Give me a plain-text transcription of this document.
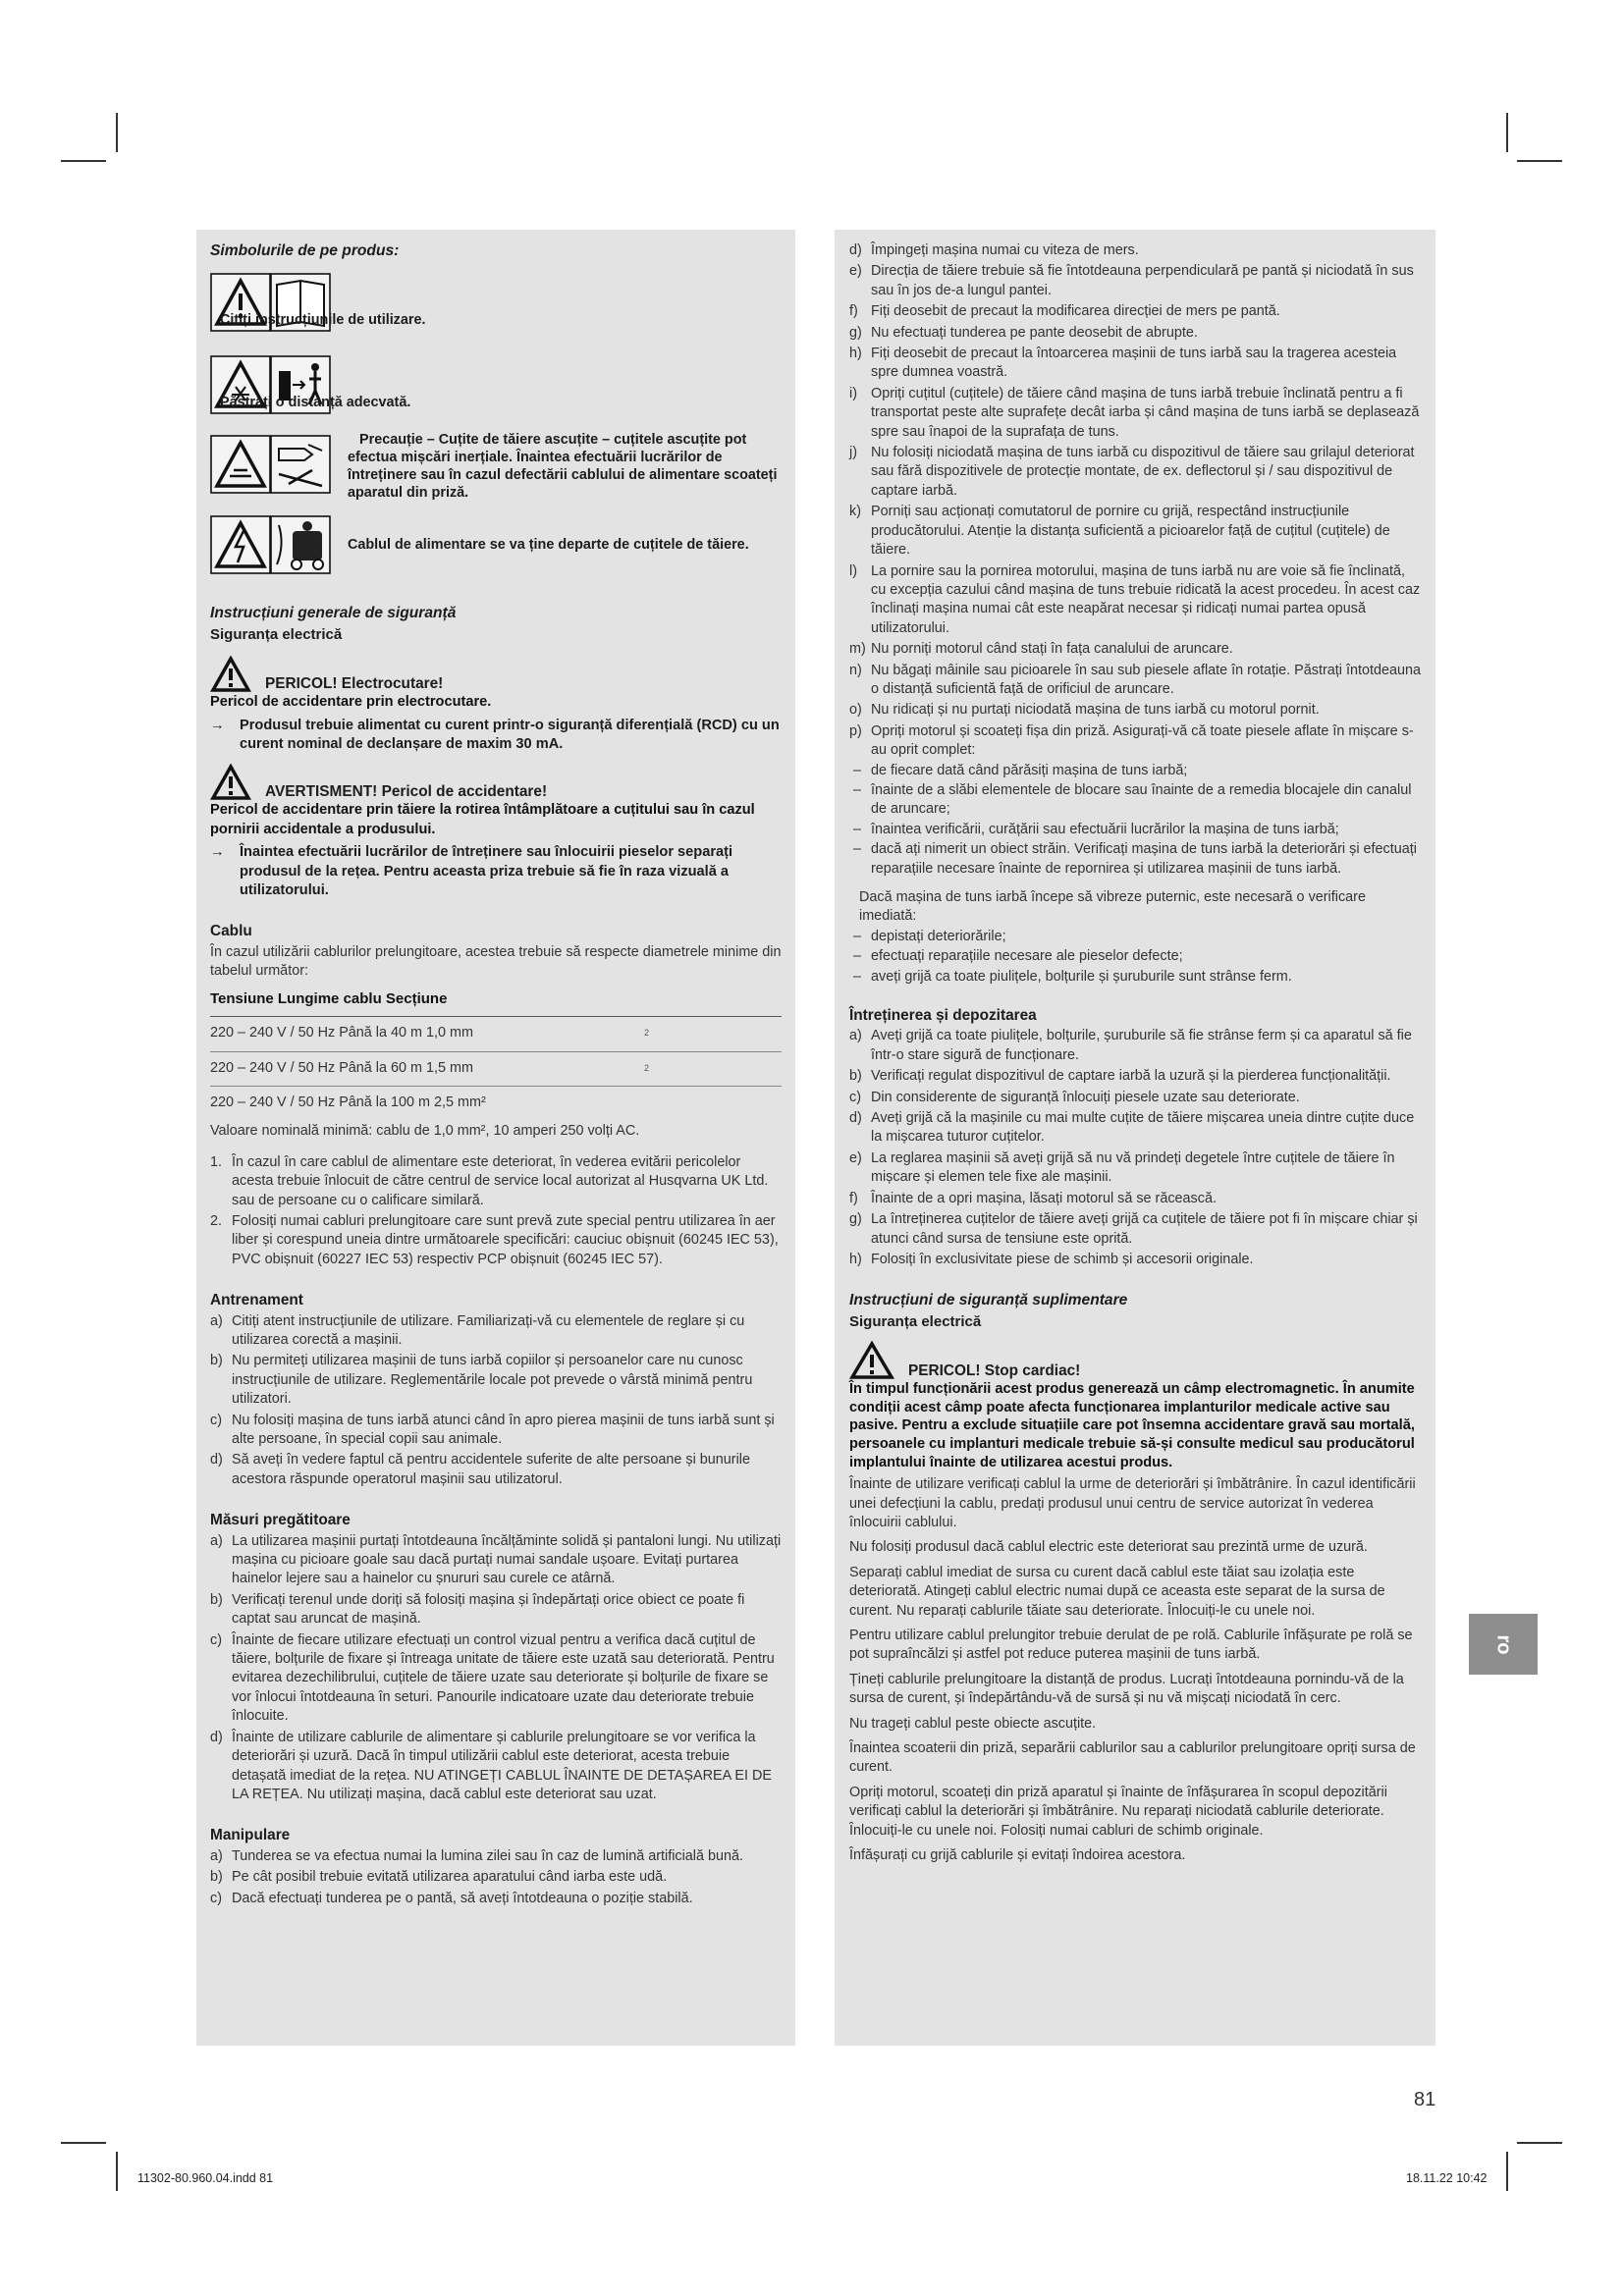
Simbolurile de pe produs:
Citiți instrucțiunile de utilizare.
Păstrați o distanță adecvată.
Precauție – Cuțite de tăiere ascuțite – cuțitele ascuțite pot efectua mișcări inerțiale. Înaintea efectuării lucrărilor de întreținere sau în cazul defectării cablului de alimentare scoateți aparatul din priză.
Cablul de alimentare se va ține departe de cuțitele de tăiere.
Instrucțiuni generale de siguranță
Siguranța electrică
PERICOL! Electrocutare!
Pericol de accidentare prin electrocutare.
→ Produsul trebuie alimentat cu curent printr-o siguranță diferențială (RCD) cu un curent nominal de declanșare de maxim 30 mA.
AVERTISMENT! Pericol de accidentare!
Pericol de accidentare prin tăiere la rotirea întâmplătoare a cuțitului sau în cazul pornirii accidentale a produsului.
→ Înaintea efectuării lucrărilor de întreținere sau înlocuirii pieselor separați produsul de la rețea. Pentru aceasta priza trebuie să fie în raza vizuală a utilizatorului.
Cablu
În cazul utilizării cablurilor prelungitoare, acestea trebuie să respecte diametrele minime din tabelul următor:
Tensiune Lungime cablu Secțiune	
220 – 240 V / 50 Hz Până la 40 m 1,0 mm	2
220 – 240 V / 50 Hz Până la 60 m 1,5 mm	2
220 – 240 V / 50 Hz Până la 100 m 2,5 mm²	
Valoare nominală minimă: cablu de 1,0 mm², 10 amperi 250 volți AC.
1. În cazul în care cablul de alimentare este deteriorat, în vederea evitării pericolelor acesta trebuie înlocuit de către centrul de service local autorizat al Husqvarna UK Ltd. sau de persoane cu o calificare similară.
2. Folosiți numai cabluri prelungitoare care sunt prevă zute special pentru utilizarea în aer liber și corespund uneia dintre următoarele specificări: cauciuc obișnuit (60245 IEC 53), PVC obișnuit (60227 IEC 53) respectiv PCP obișnuit (60245 IEC 57).
Antrenament
a) Citiți atent instrucțiunile de utilizare. Familiarizați-vă cu elementele de reglare și cu utilizarea corectă a mașinii.
b) Nu permiteți utilizarea mașinii de tuns iarbă copiilor și persoanelor care nu cunosc instrucțiunile de utilizare. Reglementările locale pot prevede o vârstă minimă pentru utilizatori.
c) Nu folosiți mașina de tuns iarbă atunci când în apro pierea mașinii de tuns iarbă sunt și alte persoane, în special copii sau animale.
d) Să aveți în vedere faptul că pentru accidentele suferite de alte persoane și bunurile acestora răspunde operatorul mașinii sau utilizatorul.
Măsuri pregătitoare
a) La utilizarea mașinii purtați întotdeauna încălțăminte solidă și pantaloni lungi. Nu utilizați mașina cu picioare goale sau dacă purtați numai sandale ușoare. Evitați purtarea hainelor lejere sau a hainelor cu șnururi sau curele ce atârnă.
b) Verificați terenul unde doriți să folosiți mașina și îndepărtați orice obiect ce poate fi captat sau aruncat de mașină.
c) Înainte de fiecare utilizare efectuați un control vizual pentru a verifica dacă cuțitul de tăiere, bolțurile de fixare și întreaga unitate de tăiere este uzată sau deteriorată. Pentru evitarea dezechilibrului, cuțitele de tăiere uzate sau deteriorate și bolțurile de fixare se vor înlocui întotdeauna în seturi. Panourile indicatoare uzate dau deteriorate trebuie înlocuite.
d) Înainte de utilizare cablurile de alimentare și cablurile prelungitoare se vor verifica la deteriorări și uzură. Dacă în timpul utilizării cablul este deteriorat, acesta trebuie detașată imediat de la rețea. NU ATINGEȚI CABLUL ÎNAINTE DE DETAȘAREA EI DE LA REȚEA. Nu utilizați mașina, dacă cablul este deteriorat sau uzat.
Manipulare
a) Tunderea se va efectua numai la lumina zilei sau în caz de lumină artificială bună.
b) Pe cât posibil trebuie evitată utilizarea aparatului când iarba este udă.
c) Dacă efectuați tunderea pe o pantă, să aveți întotdeauna o poziție stabilă.
d) Împingeți mașina numai cu viteza de mers.
e) Direcția de tăiere trebuie să fie întotdeauna perpendiculară pe pantă și niciodată în sus sau în jos de-a lungul pantei.
f) Fiți deosebit de precaut la modificarea direcției de mers pe pantă.
g) Nu efectuați tunderea pe pante deosebit de abrupte.
h) Fiți deosebit de precaut la întoarcerea mașinii de tuns iarbă sau la tragerea acesteia spre dumnea voastră.
i) Opriți cuțitul (cuțitele) de tăiere când mașina de tuns iarbă trebuie înclinată pentru a fi transportat peste alte suprafețe decât iarba și când mașina de tuns iarbă se deplasează spre sau înapoi de la suprafața de tuns.
j) Nu folosiți niciodată mașina de tuns iarbă cu dispozitivul de tăiere sau grilajul deteriorat sau fără dispozitivele de protecție montate, de ex. deflectorul și / sau dispozitivul de captare iarbă.
k) Porniți sau acționați comutatorul de pornire cu grijă, respectând instrucțiunile producătorului. Atenție la distanța suficientă a picioarelor față de cuțitul (cuțitele) de tăiere.
l) La pornire sau la pornirea motorului, mașina de tuns iarbă nu are voie să fie înclinată, cu excepția cazului când mașina de tuns trebuie ridicată la acest procedeu. În acest caz înclinați mașina numai cât este neapărat necesar și ridicați numai partea opusă utilizatorului.
m) Nu porniți motorul când stați în fața canalului de aruncare.
n) Nu băgați mâinile sau picioarele în sau sub piesele aflate în rotație. Păstrați întotdeauna o distanță suficientă față de orificiul de aruncare.
o) Nu ridicați și nu purtați niciodată mașina de tuns iarbă cu motorul pornit.
p) Opriți motorul și scoateți fișa din priză. Asigurați-vă că toate piesele aflate în mișcare s-au oprit complet:
– de fiecare dată când părăsiți mașina de tuns iarbă;
– înainte de a slăbi elementele de blocare sau înainte de a remedia blocajele din canalul de aruncare;
– înaintea verificării, curățării sau efectuării lucrărilor la mașina de tuns iarbă;
– dacă ați nimerit un obiect străin. Verificați mașina de tuns iarbă la deteriorări și efectuați reparațiile necesare înainte de repornirea și utilizarea mașinii de tuns iarbă.
Dacă mașina de tuns iarbă începe să vibreze puternic, este necesară o verificare imediată:
– depistați deteriorările;
– efectuați reparațiile necesare ale pieselor defecte;
– aveți grijă ca toate piulițele, bolțurile și șuruburile sunt strânse ferm.
Întreținerea și depozitarea
a) Aveți grijă ca toate piulițele, bolțurile, șuruburile să fie strânse ferm și ca aparatul să fie într-o stare sigură de funcționare.
b) Verificați regulat dispozitivul de captare iarbă la uzură și la pierderea funcționalității.
c) Din considerente de siguranță înlocuiți piesele uzate sau deteriorate.
d) Aveți grijă că la mașinile cu mai multe cuțite de tăiere mișcarea uneia dintre cuțite duce la mișcarea tuturor cuțitelor.
e) La reglarea mașinii să aveți grijă să nu vă prindeți degetele între cuțitele de tăiere în mișcare și elemen tele fixe ale mașinii.
f) Înainte de a opri mașina, lăsați motorul să se răcească.
g) La întreținerea cuțitelor de tăiere aveți grijă ca cuțitele de tăiere pot fi în mișcare chiar și atunci când sursa de tensiune este oprită.
h) Folosiți în exclusivitate piese de schimb și accesorii originale.
Instrucțiuni de siguranță suplimentare
Siguranța electrică
PERICOL! Stop cardiac!
În timpul funcționării acest produs generează un câmp electromagnetic. În anumite condiții acest câmp poate afecta funcționarea implanturilor medicale active sau pasive. Pentru a exclude situațiile care pot însemna accidentare gravă sau mortală, persoanele cu implanturi medicale trebuie să-și consulte medicul sau producătorul implantului înainte de utilizarea acestui produs.
Înainte de utilizare verificați cablul la urme de deteriorări și îmbătrânire. În cazul identificării unei defecțiuni la cablu, predați produsul unui centru de service autorizat în vederea înlocuirii cablului.
Nu folosiți produsul dacă cablul electric este deteriorat sau prezintă urme de uzură.
Separați cablul imediat de sursa cu curent dacă cablul este tăiat sau izolația este deteriorată. Atingeți cablul electric numai după ce aceasta este separat de la sursa de curent. Nu reparați cablurile tăiate sau deteriorate. Înlocuiți-le cu unele noi.
Pentru utilizare cablul prelungitor trebuie derulat de pe rolă. Cablurile înfășurate pe rolă se pot supraîncălzi și astfel pot reduce puterea mașinii de tuns iarbă.
Țineți cablurile prelungitoare la distanță de produs. Lucrați întotdeauna pornindu-vă de la sursa de curent, și îndepărtându-vă de sursă și nu vă mișcați niciodată în cerc.
Nu trageți cablul peste obiecte ascuțite.
Înaintea scoaterii din priză, separării cablurilor sau a cablurilor prelungitoare opriți sursa de curent.
Opriți motorul, scoateți din priză aparatul și înainte de înfășurarea în scopul depozitării verificați cablul la deteriorări și îmbătrânire. Nu reparați niciodată cablurile deteriorate. Înlocuiți-le cu unele noi. Folosiți numai cabluri de schimb originale.
Înfășurați cu grijă cablurile și evitați îndoirea acestora.
ro
81
11302-80.960.04.indd 81	18.11.22 10:42
